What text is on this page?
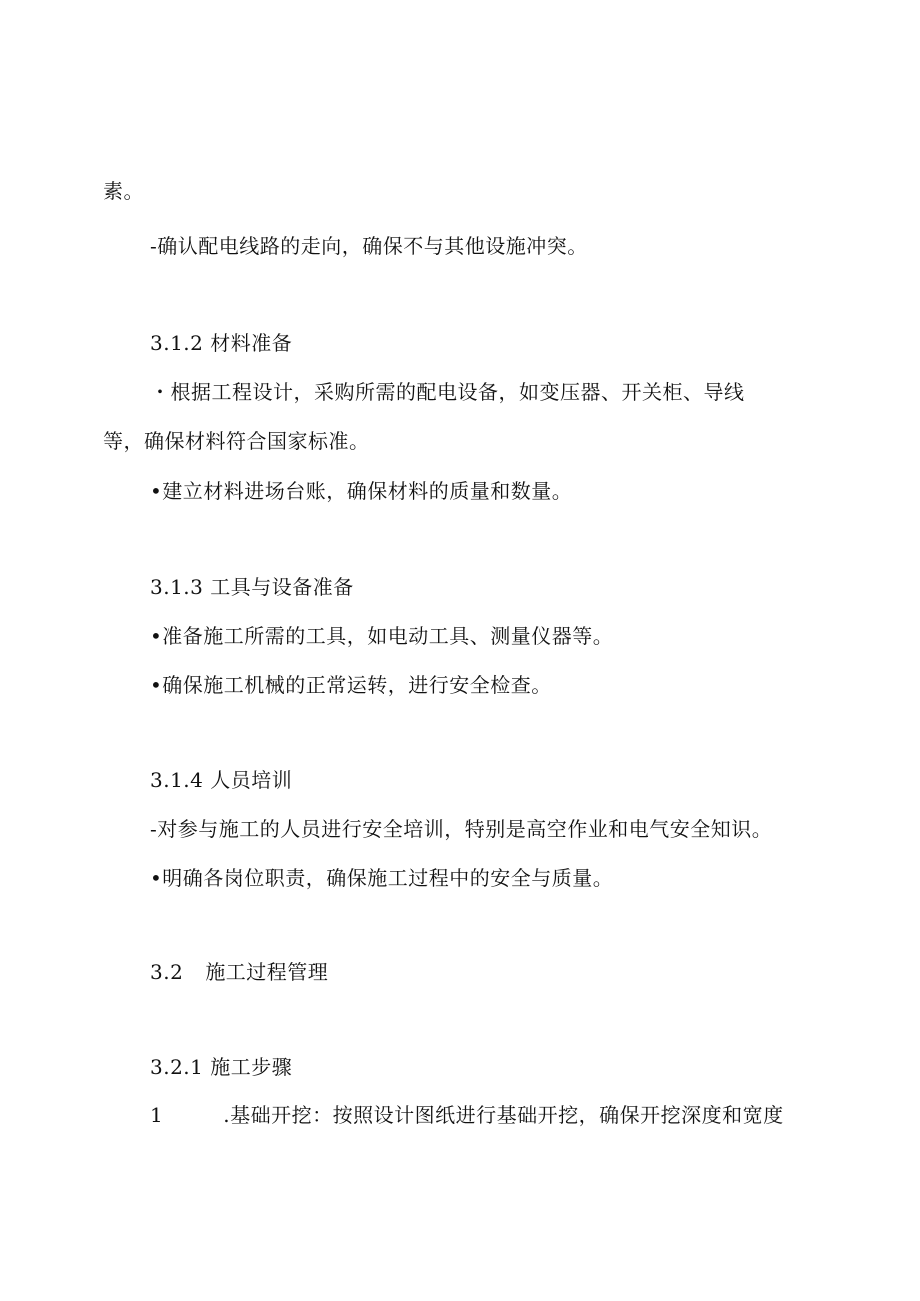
素。
-确认配电线路的走向，确保不与其他设施冲突。
3.1.2 材料准备
・根据工程设计，采购所需的配电设备，如变压器、开关柜、导线
等，确保材料符合国家标准。
•建立材料进场台账，确保材料的质量和数量。
3.1.3 工具与设备准备
•准备施工所需的工具，如电动工具、测量仪器等。
•确保施工机械的正常运转，进行安全检查。
3.1.4 人员培训
-对参与施工的人员进行安全培训，特别是高空作业和电气安全知识。
•明确各岗位职责，确保施工过程中的安全与质量。
3.2 施工过程管理
3.2.1 施工步骤
1	.基础开挖：按照设计图纸进行基础开挖，确保开挖深度和宽度
